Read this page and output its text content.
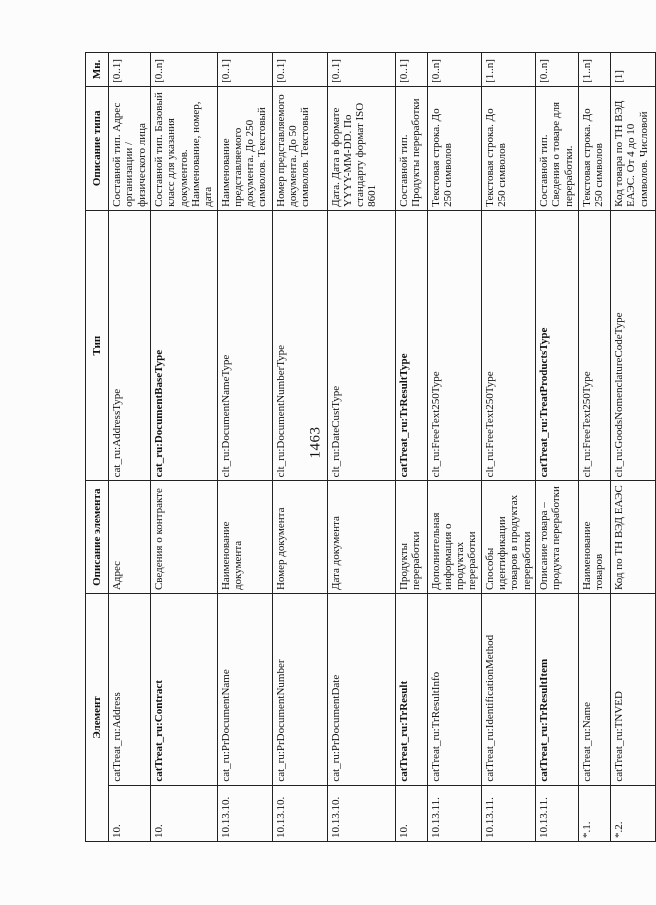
1463
Элемент		Описание элемента	Тип	Описание типа	Мн.
10.	catTreat_ru:Address	Адрес	cat_ru:AddressType	Составной тип. Адрес организации / физического лица	[0..1]
10.	catTreat_ru:Contract	Сведения о контракте	cat_ru:DocumentBaseType	Составной тип. Базовый класс для указания документов. Наименование, номер, дата	[0..n]
10.13.10.	cat_ru:PrDocumentName	Наименование документа	clt_ru:DocumentNameType	Наименование представляемого документа. До 250 символов. Текстовый	[0..1]
10.13.10.	cat_ru:PrDocumentNumber	Номер документа	clt_ru:DocumentNumberType	Номер представляемого документа. До 50 символов. Текстовый	[0..1]
10.13.10.	cat_ru:PrDocumentDate	Дата документа	clt_ru:DateCustType	Дата. Дата в формате YYYY-MM-DD. По стандарту формат ISO 8601	[0..1]
10.	catTreat_ru:TrResult	Продукты переработки	catTreat_ru:TrResultType	Составной тип. Продукты переработки	[0..1]
10.13.11.	catTreat_ru:TrResultInfo	Дополнительная информация о продуктах переработки	clt_ru:FreeText250Type	Текстовая строка. До 250 символов	[0..n]
10.13.11.	catTreat_ru:IdentificationMethod	Способы идентификации товаров в продуктах переработки	clt_ru:FreeText250Type	Текстовая строка. До 250 символов	[1..n]
10.13.11.	catTreat_ru:TrResultItem	Описание товара – продукта переработки	catTreat_ru:TreatProductsType	Составной тип. Сведения о товаре для переработки.	[0..n]
*.1.	catTreat_ru:Name	Наименование товаров	clt_ru:FreeText250Type	Текстовая строка. До 250 символов	[1..n]
*.2.	catTreat_ru:TNVED	Код по ТН ВЭД ЕАЭС	clt_ru:GoodsNomenclatureCodeType	Код товара по ТН ВЭД ЕАЭС. От 4 до 10 символов. Числовой	[1]
